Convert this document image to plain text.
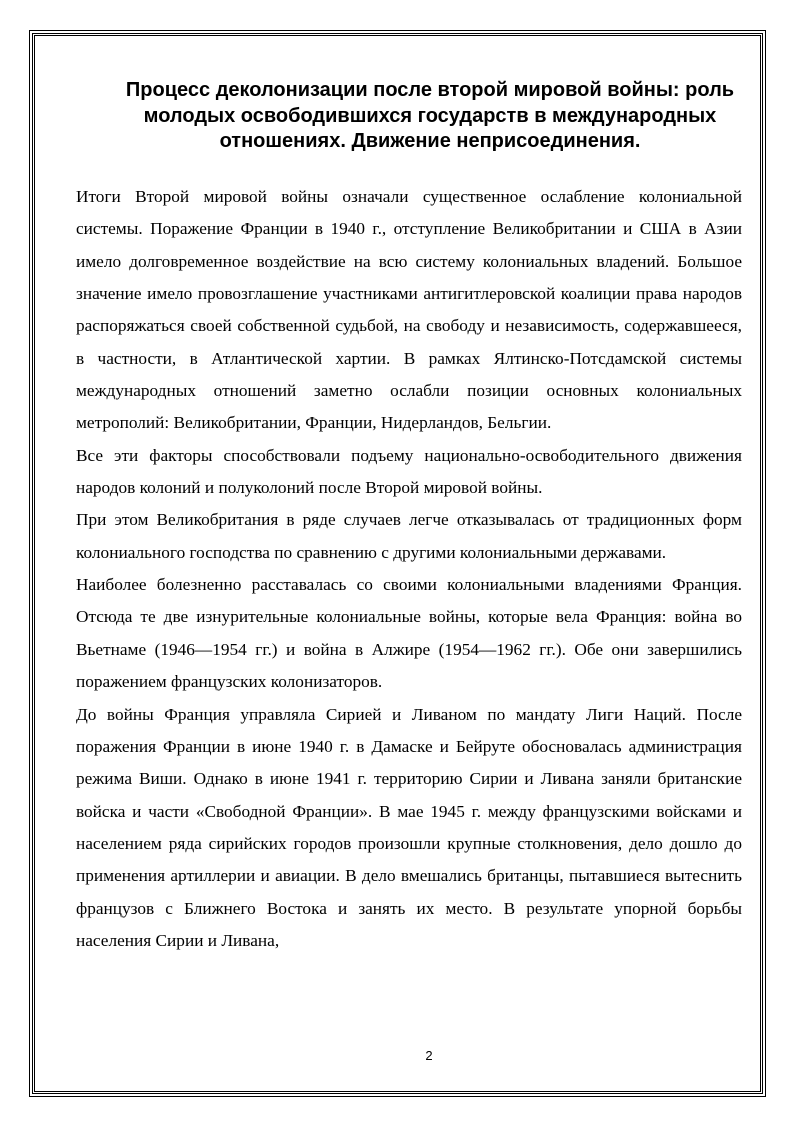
Процесс деколонизации после второй мировой войны: роль молодых освободившихся государств в международных отношениях. Движение неприсоединения.

Итоги Второй мировой войны означали существенное ослабление колониальной системы. Поражение Франции в 1940 г., отступление Великобритании и США в Азии имело долговременное воздействие на всю систему колониальных владений. Большое значение имело провозглашение участниками антигитлеровской коалиции права народов распоряжаться своей собственной судьбой, на свободу и независимость, содержавшееся, в частности, в Атлантической хартии. В рамках Ялтинско-Потсдамской системы международных отношений заметно ослабли позиции основных колониальных метрополий: Великобритании, Франции, Нидерландов, Бельгии.

Все эти факторы способствовали подъему национально-освободительного движения народов колоний и полуколоний после Второй мировой войны.

При этом Великобритания в ряде случаев легче отказывалась от традиционных форм колониального господства по сравнению с другими колониальными державами.

Наиболее болезненно расставалась со своими колониальными владениями Франция. Отсюда те две изнурительные колониальные войны, которые вела Франция: война во Вьетнаме (1946—1954 гг.) и война в Алжире (1954—1962 гг.). Обе они завершились поражением французских колонизаторов.

До войны Франция управляла Сирией и Ливаном по мандату Лиги Наций. После поражения Франции в июне 1940 г. в Дамаске и Бейруте обосновалась администрация режима Виши. Однако в июне 1941 г. территорию Сирии и Ливана заняли британские войска и части «Свободной Франции». В мае 1945 г. между французскими войсками и населением ряда сирийских городов произошли крупные столкновения, дело дошло до применения артиллерии и авиации. В дело вмешались британцы, пытавшиеся вытеснить французов с Ближнего Востока и занять их место. В результате упорной борьбы населения Сирии и Ливана,

2
